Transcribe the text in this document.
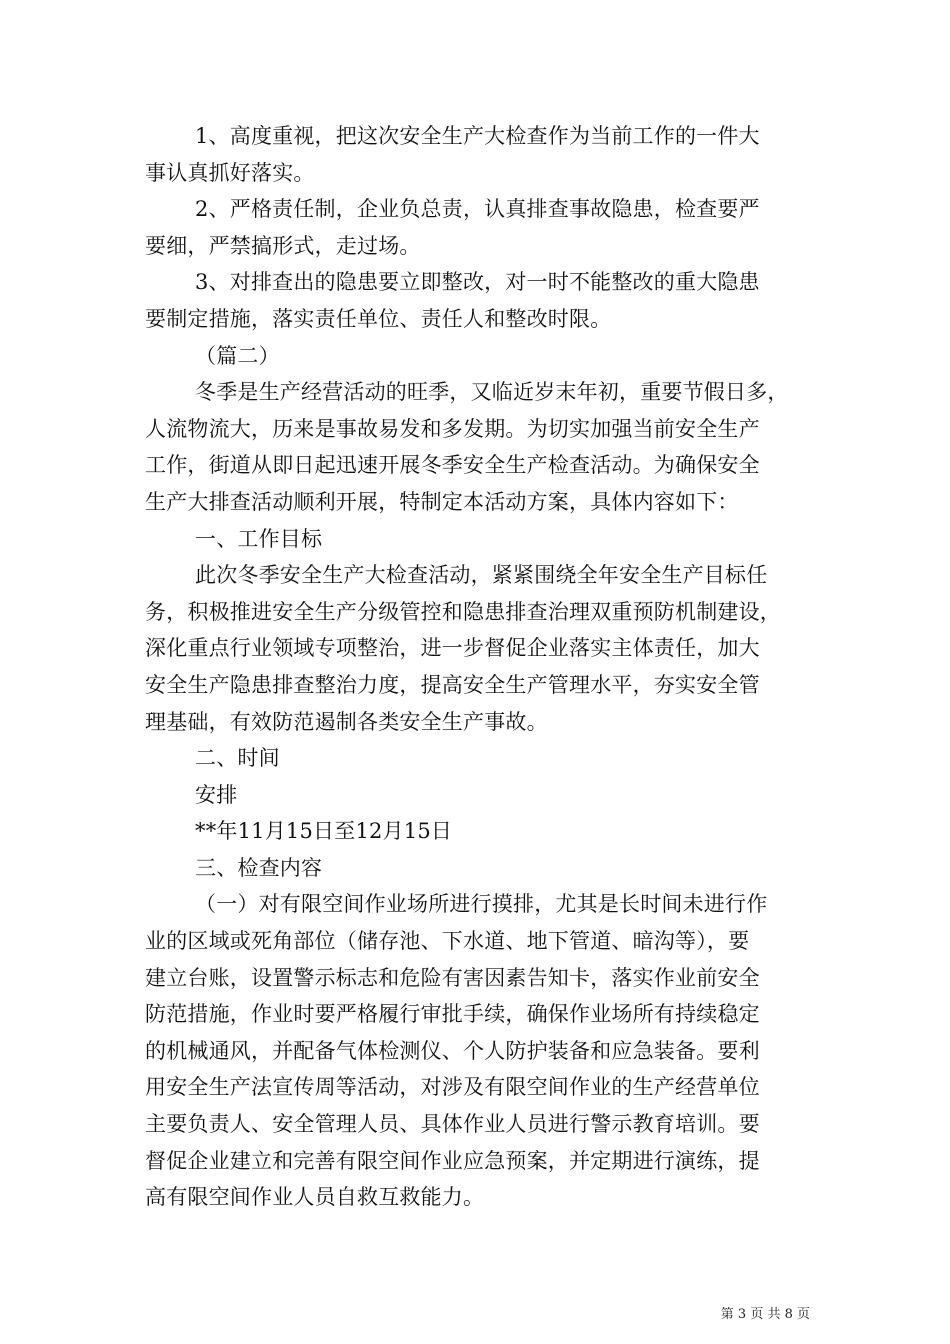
1、高度重视，把这次安全生产大检查作为当前工作的一件大
事认真抓好落实。
2、严格责任制，企业负总责，认真排查事故隐患，检查要严
要细，严禁搞形式，走过场。
3、对排查出的隐患要立即整改，对一时不能整改的重大隐患
要制定措施，落实责任单位、责任人和整改时限。
（篇二）
冬季是生产经营活动的旺季，又临近岁末年初，重要节假日多，
人流物流大，历来是事故易发和多发期。为切实加强当前安全生产
工作，街道从即日起迅速开展冬季安全生产检查活动。为确保安全
生产大排查活动顺利开展，特制定本活动方案，具体内容如下：
一、工作目标
此次冬季安全生产大检查活动，紧紧围绕全年安全生产目标任
务，积极推进安全生产分级管控和隐患排查治理双重预防机制建设，
深化重点行业领域专项整治，进一步督促企业落实主体责任，加大
安全生产隐患排查整治力度，提高安全生产管理水平，夯实安全管
理基础，有效防范遏制各类安全生产事故。
二、时间
安排
**年11月15日至12月15日
三、检查内容
（一）对有限空间作业场所进行摸排，尤其是长时间未进行作
业的区域或死角部位（储存池、下水道、地下管道、暗沟等），要
建立台账，设置警示标志和危险有害因素告知卡，落实作业前安全
防范措施，作业时要严格履行审批手续，确保作业场所有持续稳定
的机械通风，并配备气体检测仪、个人防护装备和应急装备。要利
用安全生产法宣传周等活动，对涉及有限空间作业的生产经营单位
主要负责人、安全管理人员、具体作业人员进行警示教育培训。要
督促企业建立和完善有限空间作业应急预案，并定期进行演练，提
高有限空间作业人员自救互救能力。
第 3 页 共 8 页
